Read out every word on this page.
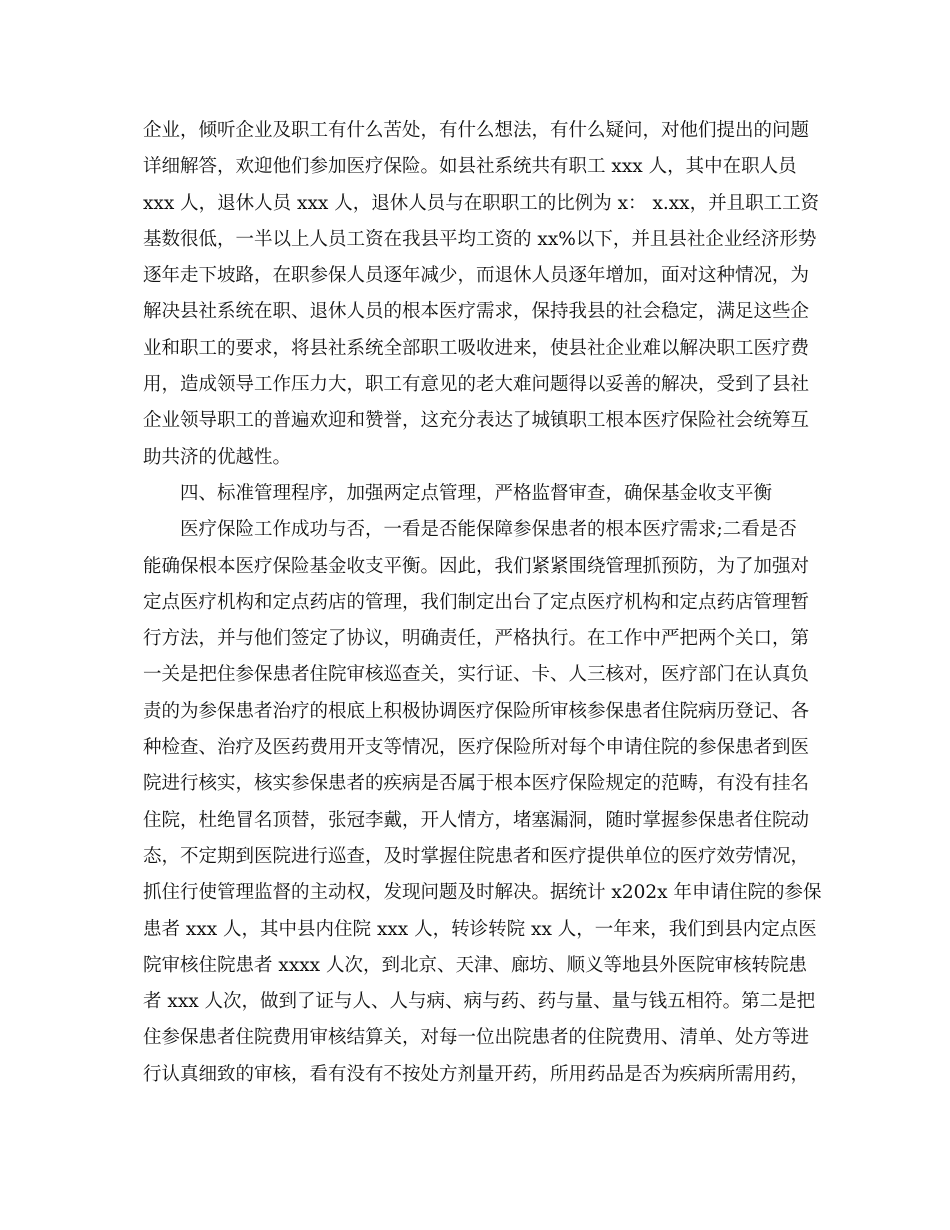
企业，倾听企业及职工有什么苦处，有什么想法，有什么疑问，对他们提出的问题
详细解答，欢迎他们参加医疗保险。如县社系统共有职工 xxx 人，其中在职人员
xxx 人，退休人员 xxx 人，退休人员与在职职工的比例为 x： x.xx，并且职工工资
基数很低，一半以上人员工资在我县平均工资的 xx%以下，并且县社企业经济形势
逐年走下坡路，在职参保人员逐年减少，而退休人员逐年增加，面对这种情况，为
解决县社系统在职、退休人员的根本医疗需求，保持我县的社会稳定，满足这些企
业和职工的要求，将县社系统全部职工吸收进来，使县社企业难以解决职工医疗费
用，造成领导工作压力大，职工有意见的老大难问题得以妥善的解决，受到了县社
企业领导职工的普遍欢迎和赞誉，这充分表达了城镇职工根本医疗保险社会统筹互
助共济的优越性。
四、标准管理程序，加强两定点管理，严格监督审查，确保基金收支平衡
医疗保险工作成功与否，一看是否能保障参保患者的根本医疗需求;二看是否
能确保根本医疗保险基金收支平衡。因此，我们紧紧围绕管理抓预防，为了加强对
定点医疗机构和定点药店的管理，我们制定出台了定点医疗机构和定点药店管理暂
行方法，并与他们签定了协议，明确责任，严格执行。在工作中严把两个关口，第
一关是把住参保患者住院审核巡查关，实行证、卡、人三核对，医疗部门在认真负
责的为参保患者治疗的根底上积极协调医疗保险所审核参保患者住院病历登记、各
种检查、治疗及医药费用开支等情况，医疗保险所对每个申请住院的参保患者到医
院进行核实，核实参保患者的疾病是否属于根本医疗保险规定的范畴，有没有挂名
住院，杜绝冒名顶替，张冠李戴，开人情方，堵塞漏洞，随时掌握参保患者住院动
态，不定期到医院进行巡查，及时掌握住院患者和医疗提供单位的医疗效劳情况，
抓住行使管理监督的主动权，发现问题及时解决。据统计 x202x 年申请住院的参保
患者 xxx 人，其中县内住院 xxx 人，转诊转院 xx 人，一年来，我们到县内定点医
院审核住院患者 xxxx 人次，到北京、天津、廊坊、顺义等地县外医院审核转院患
者 xxx 人次，做到了证与人、人与病、病与药、药与量、量与钱五相符。第二是把
住参保患者住院费用审核结算关，对每一位出院患者的住院费用、清单、处方等进
行认真细致的审核，看有没有不按处方剂量开药，所用药品是否为疾病所需用药，
